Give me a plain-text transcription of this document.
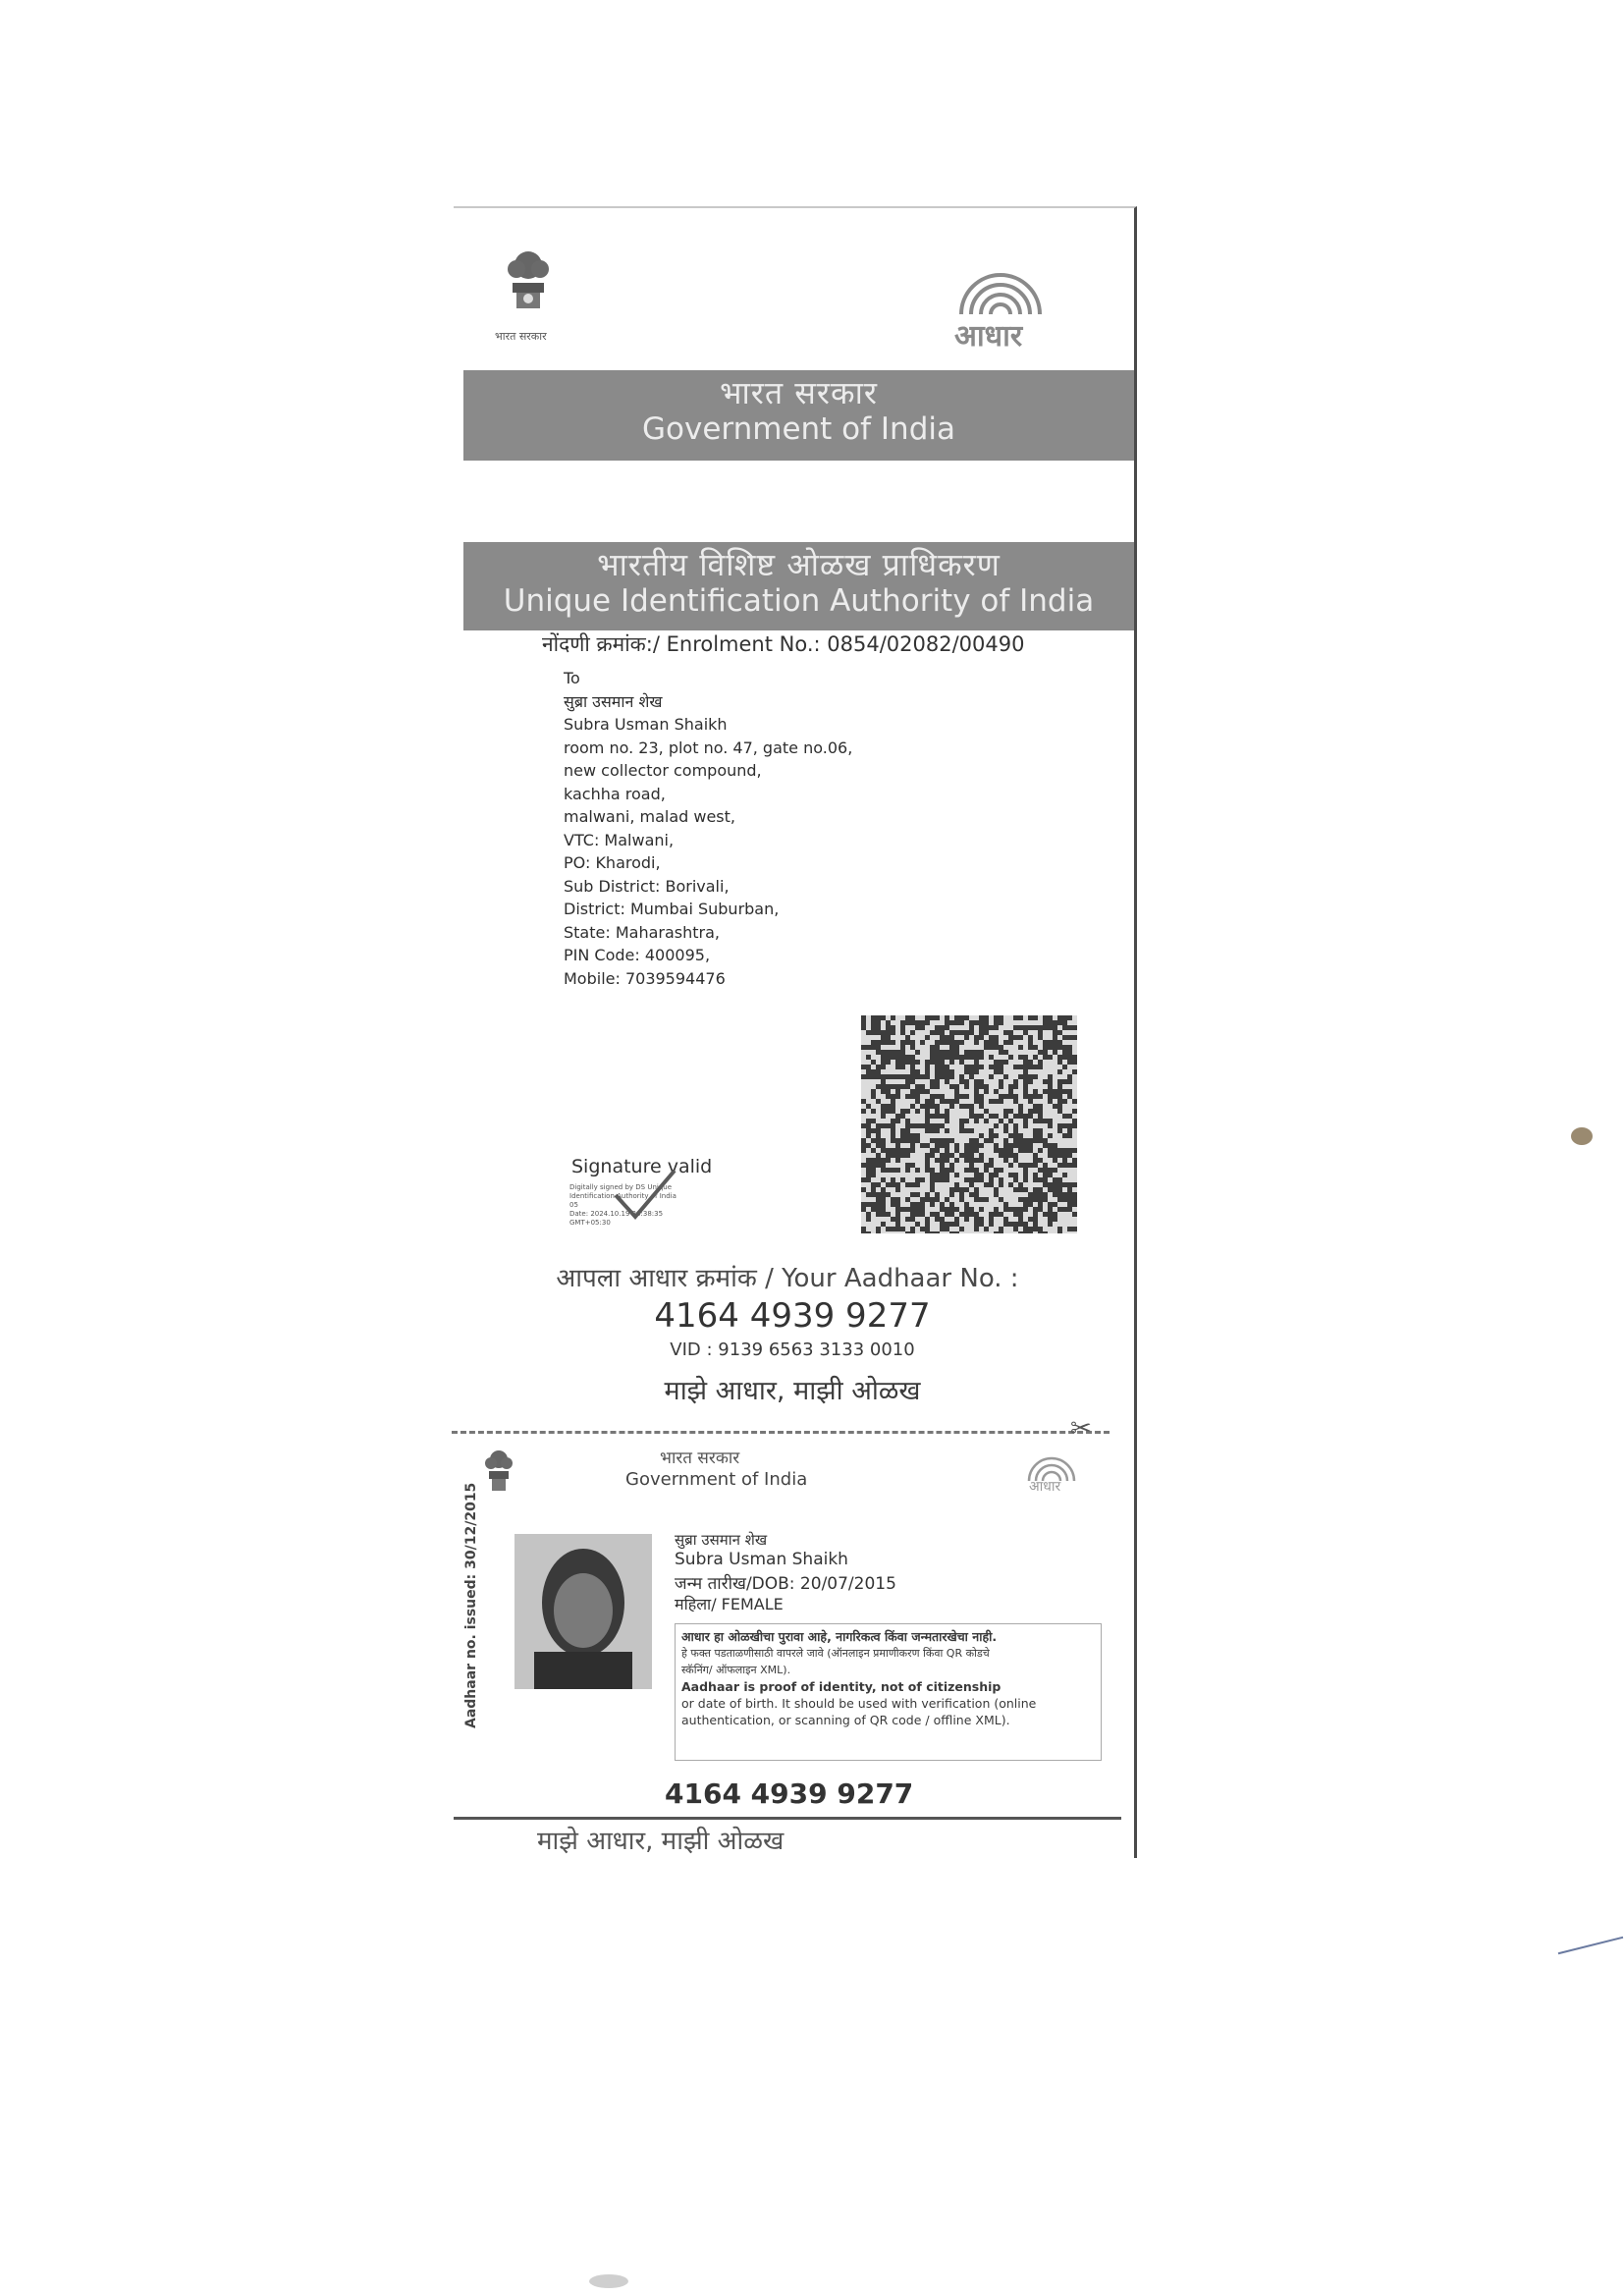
भारत सरकार	आधार
भारत सरकार
Government of India
भारतीय विशिष्ट ओळख प्राधिकरण
Unique Identification Authority of India
नोंदणी क्रमांक:/ Enrolment No.: 0854/02082/00490
To
सुब्रा उसमान शेख
Subra Usman Shaikh
room no. 23, plot no. 47, gate no.06,
new collector compound,
kachha road,
malwani, malad west,
VTC: Malwani,
PO: Kharodi,
Sub District: Borivali,
District: Mumbai Suburban,
State: Maharashtra,
PIN Code: 400095,
Mobile: 7039594476
Signature valid
Digitally signed by DS Unique
Identification Authority of India
05
Date: 2024.10.19 20:38:35
GMT+05:30
आपला आधार क्रमांक / Your Aadhaar No. :
4164 4939 9277
VID : 9139 6563 3133 0010
माझे आधार, माझी ओळख
✂
भारत सरकार
Government of India	आधार
Aadhaar no. issued: 30/12/2015	सुब्रा उसमान शेख
Subra Usman Shaikh
जन्म तारीख/DOB: 20/07/2015
महिला/ FEMALE
आधार हा ओळखीचा पुरावा आहे, नागरिकत्व किंवा जन्मतारखेचा नाही.
हे फक्त पडताळणीसाठी वापरले जावे (ऑनलाइन प्रमाणीकरण किंवा QR कोडचे
स्कॅनिंग/ ऑफलाइन XML).
Aadhaar is proof of identity, not of citizenship
or date of birth. It should be used with verification (online
authentication, or scanning of QR code / offline XML).
4164 4939 9277
माझे आधार, माझी ओळख
